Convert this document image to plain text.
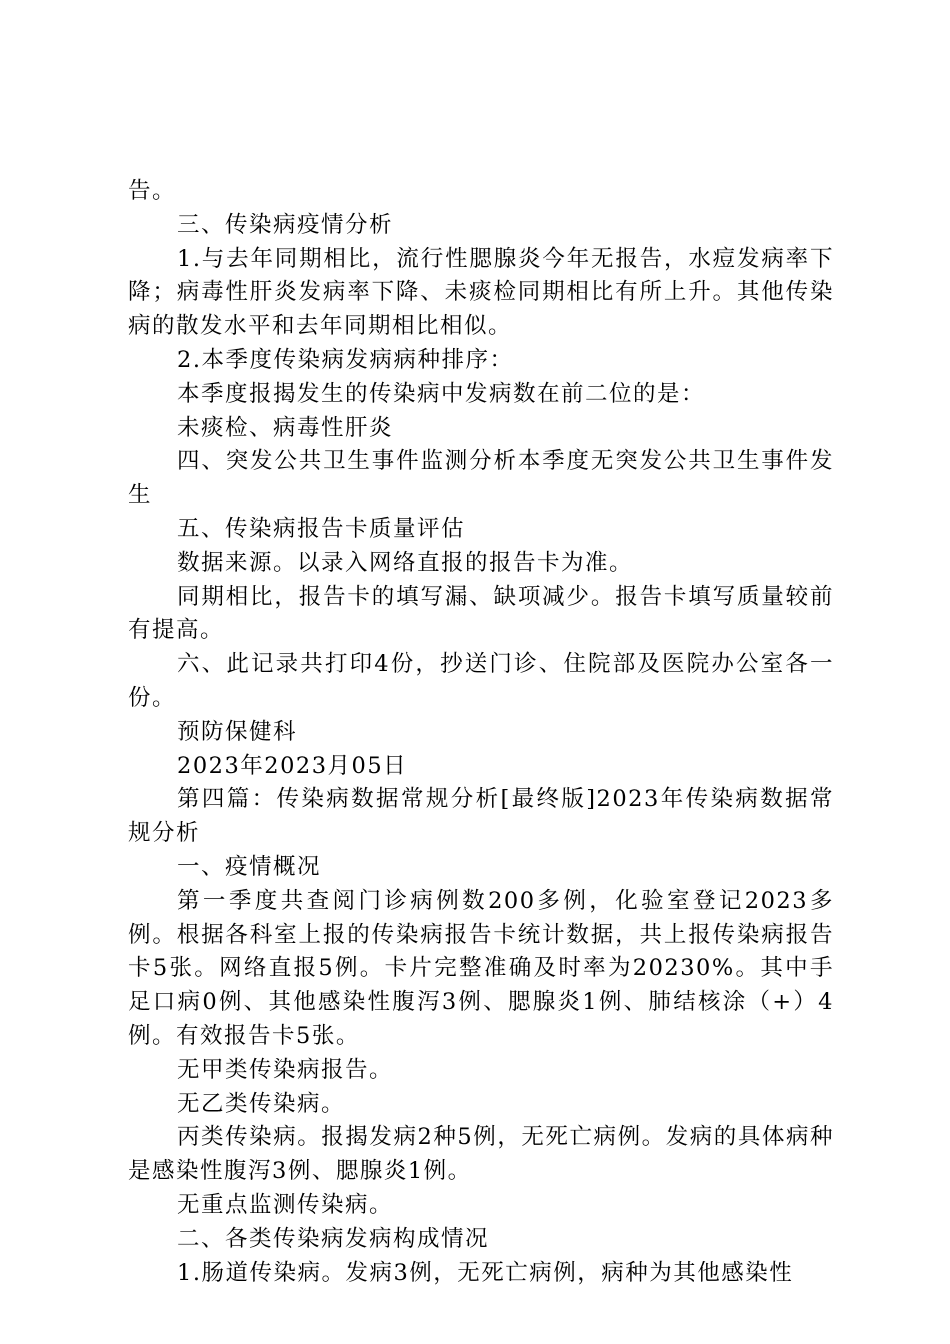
告。

三、传染病疫情分析

1.与去年同期相比，流行性腮腺炎今年无报告，水痘发病率下降；病毒性肝炎发病率下降、未痰检同期相比有所上升。其他传染病的散发水平和去年同期相比相似。

2.本季度传染病发病病种排序：

本季度报揭发生的传染病中发病数在前二位的是：

未痰检、病毒性肝炎

四、突发公共卫生事件监测分析本季度无突发公共卫生事件发生

五、传染病报告卡质量评估

数据来源。以录入网络直报的报告卡为准。

同期相比，报告卡的填写漏、缺项减少。报告卡填写质量较前有提高。

六、此记录共打印4份，抄送门诊、住院部及医院办公室各一份。

预防保健科

2023年2023月05日

第四篇：传染病数据常规分析[最终版]2023年传染病数据常规分析

一、疫情概况

第一季度共查阅门诊病例数200多例，化验室登记2023多例。根据各科室上报的传染病报告卡统计数据，共上报传染病报告卡5张。网络直报5例。卡片完整准确及时率为20230%。其中手足口病0例、其他感染性腹泻3例、腮腺炎1例、肺结核涂（+）4例。有效报告卡5张。

无甲类传染病报告。

无乙类传染病。

丙类传染病。报揭发病2种5例，无死亡病例。发病的具体病种是感染性腹泻3例、腮腺炎1例。

无重点监测传染病。

二、各类传染病发病构成情况

1.肠道传染病。发病3例，无死亡病例，病种为其他感染性
